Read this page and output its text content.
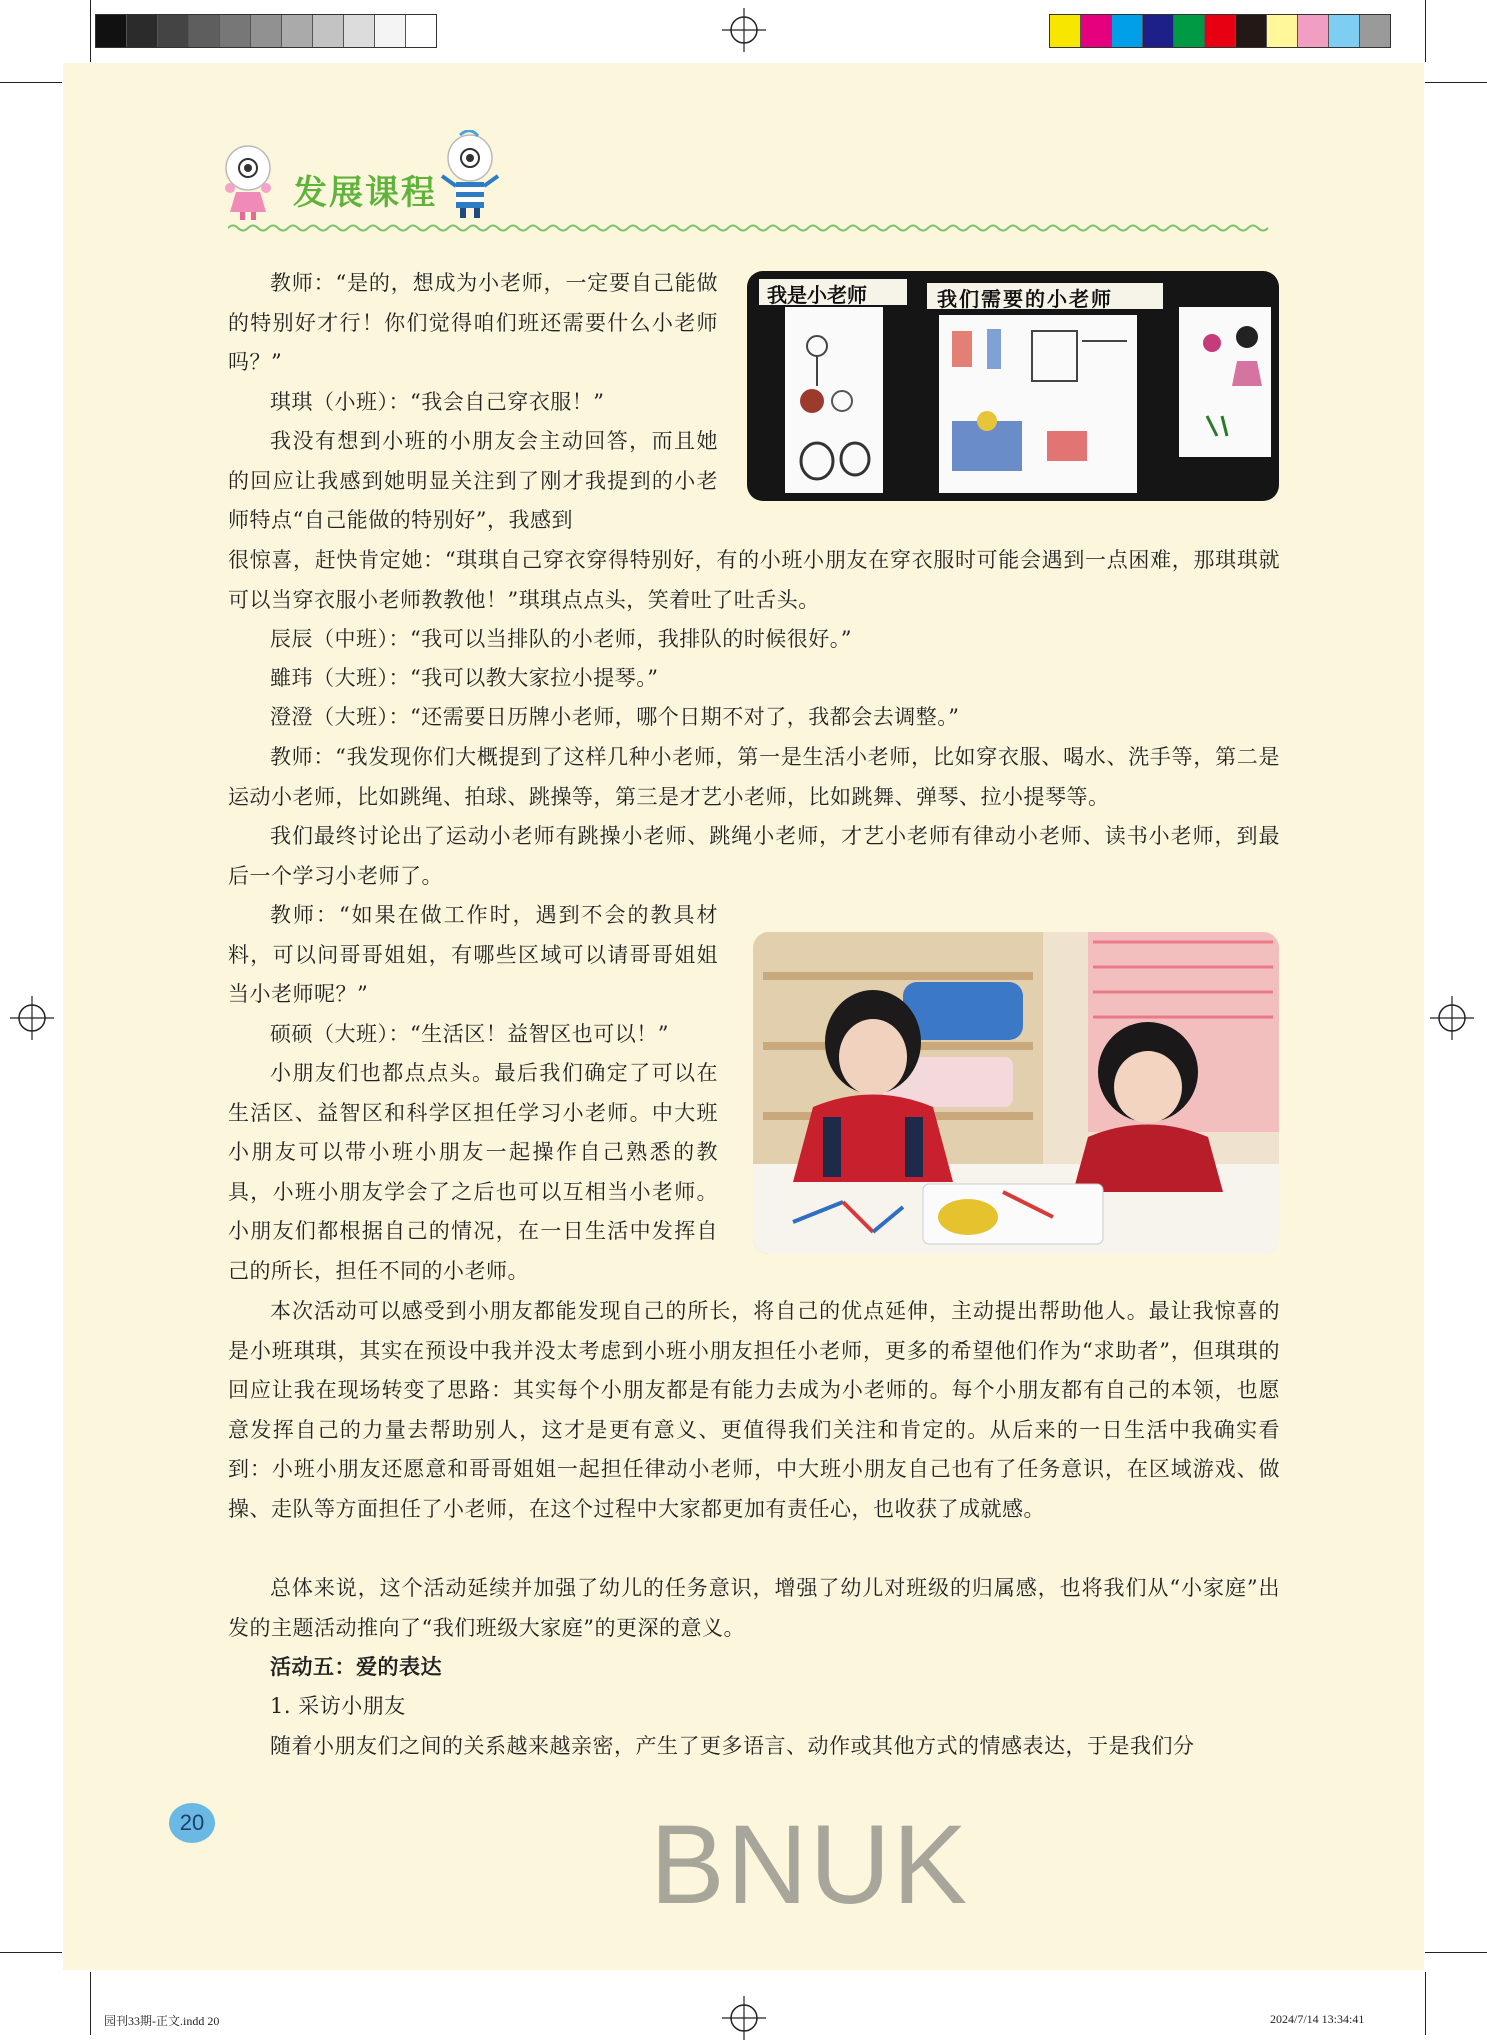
发展课程
我是小老师	我们需要的小老师

教师：“是的，想成为小老师，一定要自己能做的特别好才行！你们觉得咱们班还需要什么小老师吗？”

琪琪（小班）：“我会自己穿衣服！”

我没有想到小班的小朋友会主动回答，而且她的回应让我感到她明显关注到了刚才我提到的小老师特点“自己能做的特别好”，我感到

很惊喜，赶快肯定她：“琪琪自己穿衣穿得特别好，有的小班小朋友在穿衣服时可能会遇到一点困难，那琪琪就可以当穿衣服小老师教教他！”琪琪点点头，笑着吐了吐舌头。

辰辰（中班）：“我可以当排队的小老师，我排队的时候很好。”

雖玮（大班）：“我可以教大家拉小提琴。”

澄澄（大班）：“还需要日历牌小老师，哪个日期不对了，我都会去调整。”

教师：“我发现你们大概提到了这样几种小老师，第一是生活小老师，比如穿衣服、喝水、洗手等，第二是运动小老师，比如跳绳、拍球、跳操等，第三是才艺小老师，比如跳舞、弹琴、拉小提琴等。

我们最终讨论出了运动小老师有跳操小老师、跳绳小老师，才艺小老师有律动小老师、读书小老师，到最后一个学习小老师了。

教师：“如果在做工作时，遇到不会的教具材料，可以问哥哥姐姐，有哪些区域可以请哥哥姐姐当小老师呢？”

硕硕（大班）：“生活区！益智区也可以！”

小朋友们也都点点头。最后我们确定了可以在生活区、益智区和科学区担任学习小老师。中大班小朋友可以带小班小朋友一起操作自己熟悉的教具，小班小朋友学会了之后也可以互相当小老师。小朋友们都根据自己的情况，在一日生活中发挥自己的所长，担任不同的小老师。

本次活动可以感受到小朋友都能发现自己的所长，将自己的优点延伸，主动提出帮助他人。最让我惊喜的是小班琪琪，其实在预设中我并没太考虑到小班小朋友担任小老师，更多的希望他们作为“求助者”，但琪琪的回应让我在现场转变了思路：其实每个小朋友都是有能力去成为小老师的。每个小朋友都有自己的本领，也愿意发挥自己的力量去帮助别人，这才是更有意义、更值得我们关注和肯定的。从后来的一日生活中我确实看到：小班小朋友还愿意和哥哥姐姐一起担任律动小老师，中大班小朋友自己也有了任务意识，在区域游戏、做操、走队等方面担任了小老师，在这个过程中大家都更加有责任心，也收获了成就感。

总体来说，这个活动延续并加强了幼儿的任务意识，增强了幼儿对班级的归属感，也将我们从“小家庭”出发的主题活动推向了“我们班级大家庭”的更深的意义。

活动五：爱的表达

1. 采访小朋友

随着小朋友们之间的关系越来越亲密，产生了更多语言、动作或其他方式的情感表达，于是我们分

20	BNUK
园刊33期-正文.indd 20	2024/7/14 13:34:41
